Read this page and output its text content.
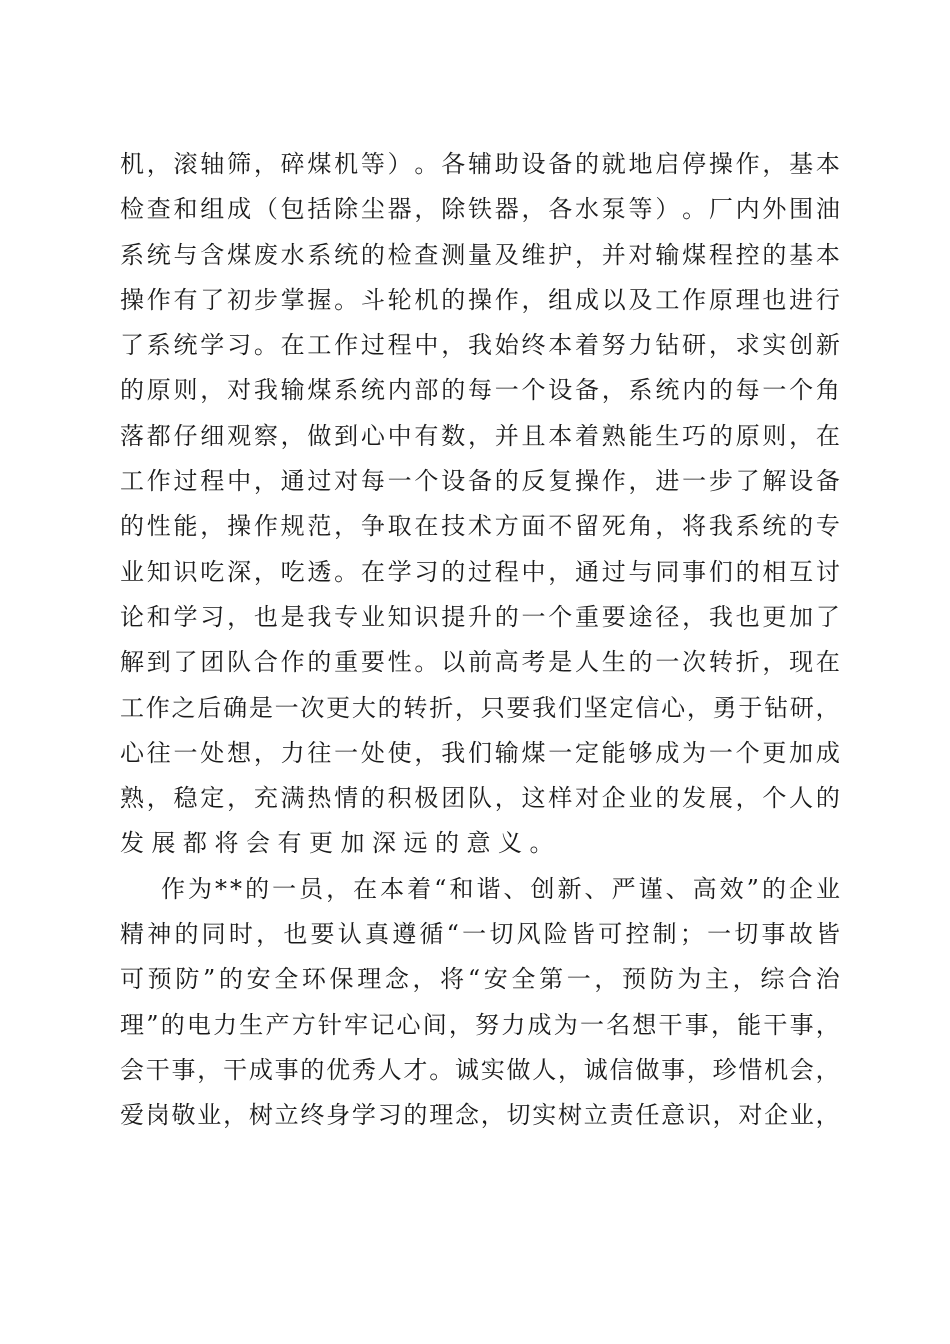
机 ， 滚 轴 筛 ， 碎 煤 机 等 ） 。 各 辅 助 设 备 的 就 地 启 停 操 作 ， 基 本
检 查 和 组 成 （ 包 括 除 尘 器 ， 除 铁 器 ， 各 水 泵 等 ） 。 厂 内 外 围 油
系 统 与 含 煤 废 水 系 统 的 检 查 测 量 及 维 护 ， 并 对 输 煤 程 控 的 基 本
操 作 有 了 初 步 掌 握 。 斗 轮 机 的 操 作 ， 组 成 以 及 工 作 原 理 也 进 行
了 系 统 学 习 。 在 工 作 过 程 中 ， 我 始 终 本 着 努 力 钻 研 ， 求 实 创 新
的 原 则 ， 对 我 输 煤 系 统 内 部 的 每 一 个 设 备 ， 系 统 内 的 每 一 个 角
落 都 仔 细 观 察 ， 做 到 心 中 有 数 ， 并 且 本 着 熟 能 生 巧 的 原 则 ， 在
工 作 过 程 中 ， 通 过 对 每 一 个 设 备 的 反 复 操 作 ， 进 一 步 了 解 设 备
的 性 能 ， 操 作 规 范 ， 争 取 在 技 术 方 面 不 留 死 角 ， 将 我 系 统 的 专
业 知 识 吃 深 ， 吃 透 。 在 学 习 的 过 程 中 ， 通 过 与 同 事 们 的 相 互 讨
论 和 学 习 ， 也 是 我 专 业 知 识 提 升 的 一 个 重 要 途 径 ， 我 也 更 加 了
解 到 了 团 队 合 作 的 重 要 性 。 以 前 高 考 是 人 生 的 一 次 转 折 ， 现 在
工 作 之 后 确 是 一 次 更 大 的 转 折 ， 只 要 我 们 坚 定 信 心 ， 勇 于 钻 研 ，
心 往 一 处 想 ， 力 往 一 处 使 ， 我 们 输 煤 一 定 能 够 成 为 一 个 更 加 成
熟 ， 稳 定 ， 充 满 热 情 的 积 极 团 队 ， 这 样 对 企 业 的 发 展 ， 个 人 的
发 展 都 将 会 有 更 加 深 远 的 意 义 。
作 为 * * 的 一 员 ， 在 本 着 “ 和 谐 、 创 新 、 严 谨 、 高 效 ” 的 企 业
精 神 的 同 时 ， 也 要 认 真 遵 循 “ 一 切 风 险 皆 可 控 制 ； 一 切 事 故 皆
可 预 防 ” 的 安 全 环 保 理 念 ， 将 “ 安 全 第 一 ， 预 防 为 主 ， 综 合 治
理 ” 的 电 力 生 产 方 针 牢 记 心 间 ， 努 力 成 为 一 名 想 干 事 ， 能 干 事 ，
会 干 事 ， 干 成 事 的 优 秀 人 才 。 诚 实 做 人 ， 诚 信 做 事 ， 珍 惜 机 会 ，
爱 岗 敬 业 ， 树 立 终 身 学 习 的 理 念 ， 切 实 树 立 责 任 意 识 ， 对 企 业 ，
